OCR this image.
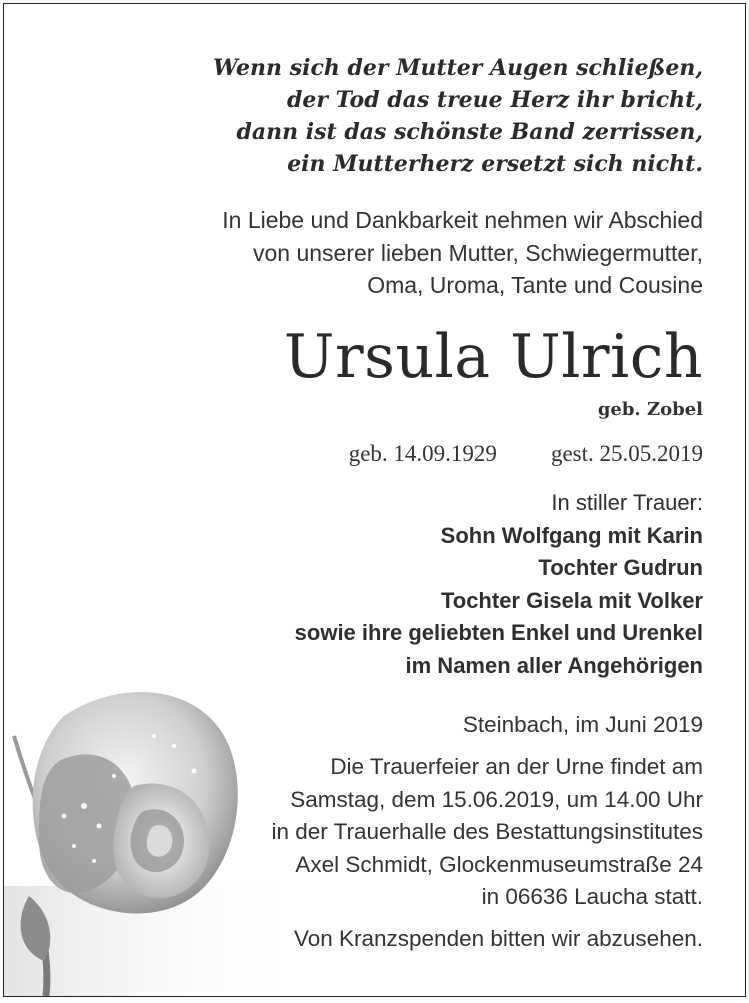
Wenn sich der Mutter Augen schließen,
der Tod das treue Herz ihr bricht,
dann ist das schönste Band zerrissen,
ein Mutterherz ersetzt sich nicht.
In Liebe und Dankbarkeit nehmen wir Abschied
von unserer lieben Mutter, Schwiegermutter,
Oma, Uroma, Tante und Cousine
Ursula Ulrich
geb. Zobel
geb. 14.09.1929 gest. 25.05.2019
In stiller Trauer:
Sohn Wolfgang mit Karin
Tochter Gudrun
Tochter Gisela mit Volker
sowie ihre geliebten Enkel und Urenkel
im Namen aller Angehörigen
Steinbach, im Juni 2019
Die Trauerfeier an der Urne findet am
Samstag, dem 15.06.2019, um 14.00 Uhr
in der Trauerhalle des Bestattungsinstitutes
Axel Schmidt, Glockenmuseumstraße 24
in 06636 Laucha statt.
Von Kranzspenden bitten wir abzusehen.
